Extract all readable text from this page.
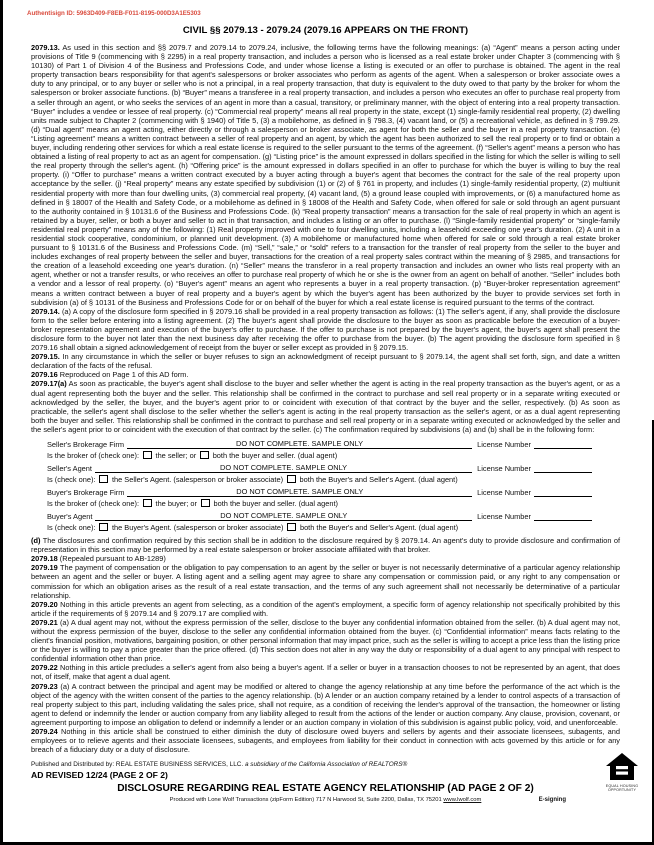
Authentisign ID: 5963D409-F8EB-F011-8195-000D3A1E5303
CIVIL §§ 2079.13 - 2079.24 (2079.16 APPEARS ON THE FRONT)

2079.13. As used in this section and §§ 2079.7 and 2079.14 to 2079.24, inclusive, the following terms have the following meanings: (a) “Agent” means a person acting under provisions of Title 9 (commencing with § 2295) in a real property transaction, and includes a person who is licensed as a real estate broker under Chapter 3 (commencing with § 10130) of Part 1 of Division 4 of the Business and Professions Code, and under whose license a listing is executed or an offer to purchase is obtained. The agent in the real property transaction bears responsibility for that agent's salespersons or broker associates who perform as agents of the agent. When a salesperson or broker associate owes a duty to any principal, or to any buyer or seller who is not a principal, in a real property transaction, that duty is equivalent to the duty owed to that party by the broker for whom the salesperson or broker associate functions. (b) “Buyer” means a transferee in a real property transaction, and includes a person who executes an offer to purchase real property from a seller through an agent, or who seeks the services of an agent in more than a casual, transitory, or preliminary manner, with the object of entering into a real property transaction. “Buyer” includes a vendee or lessee of real property. (c) “Commercial real property” means all real property in the state, except (1) single-family residential real property, (2) dwelling units made subject to Chapter 2 (commencing with § 1940) of Title 5, (3) a mobilehome, as defined in § 798.3, (4) vacant land, or (5) a recreational vehicle, as defined in § 799.29. (d) “Dual agent” means an agent acting, either directly or through a salesperson or broker associate, as agent for both the seller and the buyer in a real property transaction. (e) “Listing agreement” means a written contract between a seller of real property and an agent, by which the agent has been authorized to sell the real property or to find or obtain a buyer, including rendering other services for which a real estate license is required to the seller pursuant to the terms of the agreement. (f) “Seller's agent” means a person who has obtained a listing of real property to act as an agent for compensation. (g) “Listing price” is the amount expressed in dollars specified in the listing for which the seller is willing to sell the real property through the seller's agent. (h) “Offering price” is the amount expressed in dollars specified in an offer to purchase for which the buyer is willing to buy the real property. (i) “Offer to purchase” means a written contract executed by a buyer acting through a buyer's agent that becomes the contract for the sale of the real property upon acceptance by the seller. (j) “Real property” means any estate specified by subdivision (1) or (2) of § 761 in property, and includes (1) single-family residential property, (2) multiunit residential property with more than four dwelling units, (3) commercial real property, (4) vacant land, (5) a ground lease coupled with improvements, or (6) a manufactured home as defined in § 18007 of the Health and Safety Code, or a mobilehome as defined in § 18008 of the Health and Safety Code, when offered for sale or sold through an agent pursuant to the authority contained in § 10131.6 of the Business and Professions Code. (k) “Real property transaction” means a transaction for the sale of real property in which an agent is retained by a buyer, seller, or both a buyer and seller to act in that transaction, and includes a listing or an offer to purchase. (l) “Single-family residential property” or “single-family residential real property” means any of the following: (1) Real property improved with one to four dwelling units, including a leasehold exceeding one year's duration. (2) A unit in a residential stock cooperative, condominium, or planned unit development. (3) A mobilehome or manufactured home when offered for sale or sold through a real estate broker pursuant to § 10131.6 of the Business and Professions Code. (m) “Sell,” “sale,” or “sold” refers to a transaction for the transfer of real property from the seller to the buyer and includes exchanges of real property between the seller and buyer, transactions for the creation of a real property sales contract within the meaning of § 2985, and transactions for the creation of a leasehold exceeding one year's duration. (n) “Seller” means the transferor in a real property transaction and includes an owner who lists real property with an agent, whether or not a transfer results, or who receives an offer to purchase real property of which he or she is the owner from an agent on behalf of another. “Seller” includes both a vendor and a lessor of real property. (o) “Buyer's agent” means an agent who represents a buyer in a real property transaction. (p) “Buyer-broker representation agreement” means a written contract between a buyer of real property and a buyer's agent by which the buyer's agent has been authorized by the buyer to provide services set forth in subdivision (a) of § 10131 of the Business and Professions Code for or on behalf of the buyer for which a real estate license is required pursuant to the terms of the contract.

2079.14. (a) A copy of the disclosure form specified in § 2079.16 shall be provided in a real property transaction as follows: (1) The seller's agent, if any, shall provide the disclosure form to the seller before entering into a listing agreement. (2) The buyer's agent shall provide the disclosure to the buyer as soon as practicable before the execution of a buyer-broker representation agreement and execution of the buyer's offer to purchase. If the offer to purchase is not prepared by the buyer's agent, the buyer's agent shall present the disclosure form to the buyer not later than the next business day after receiving the offer to purchase from the buyer. (b) The agent providing the disclosure form specified in § 2079.16 shall obtain a signed acknowledgement of receipt from the buyer or seller except as provided in § 2079.15.

2079.15. In any circumstance in which the seller or buyer refuses to sign an acknowledgment of receipt pursuant to § 2079.14, the agent shall set forth, sign, and date a written declaration of the facts of the refusal.

2079.16 Reproduced on Page 1 of this AD form.

2079.17(a) As soon as practicable, the buyer's agent shall disclose to the buyer and seller whether the agent is acting in the real property transaction as the buyer's agent, or as a dual agent representing both the buyer and the seller. This relationship shall be confirmed in the contract to purchase and sell real property or in a separate writing executed or acknowledged by the seller, the buyer, and the buyer's agent prior to or coincident with execution of that contract by the buyer and the seller, respectively. (b) As soon as practicable, the seller's agent shall disclose to the seller whether the seller's agent is acting in the real property transaction as the seller's agent, or as a dual agent representing both the buyer and seller. This relationship shall be confirmed in the contract to purchase and sell real property or in a separate writing executed or acknowledged by the seller and the seller's agent prior to or coincident with the execution of that contract by the seller. (c) The confirmation required by subdivisions (a) and (b) shall be in the following form:

Seller's Brokerage Firm	DO NOT COMPLETE. SAMPLE ONLY	License Number
Is the broker of (check one): the seller; or both the buyer and seller. (dual agent)
Seller's Agent	DO NOT COMPLETE. SAMPLE ONLY	License Number
Is (check one): the Seller's Agent. (salesperson or broker associate) both the Buyer's and Seller's Agent. (dual agent)
Buyer's Brokerage Firm	DO NOT COMPLETE. SAMPLE ONLY	License Number
Is the broker of (check one): the buyer; or both the buyer and seller. (dual agent)
Buyer's Agent	DO NOT COMPLETE. SAMPLE ONLY	License Number
Is (check one): the Buyer's Agent. (salesperson or broker associate) both the Buyer's and Seller's Agent. (dual agent)

(d) The disclosures and confirmation required by this section shall be in addition to the disclosure required by § 2079.14. An agent's duty to provide disclosure and confirmation of representation in this section may be performed by a real estate salesperson or broker associate affiliated with that broker.

2079.18 (Repealed pursuant to AB-1289)

2079.19 The payment of compensation or the obligation to pay compensation to an agent by the seller or buyer is not necessarily determinative of a particular agency relationship between an agent and the seller or buyer. A listing agent and a selling agent may agree to share any compensation or commission paid, or any right to any compensation or commission for which an obligation arises as the result of a real estate transaction, and the terms of any such agreement shall not necessarily be determinative of a particular relationship.

2079.20 Nothing in this article prevents an agent from selecting, as a condition of the agent's employment, a specific form of agency relationship not specifically prohibited by this article if the requirements of § 2079.14 and § 2079.17 are complied with.

2079.21 (a) A dual agent may not, without the express permission of the seller, disclose to the buyer any confidential information obtained from the seller. (b) A dual agent may not, without the express permission of the buyer, disclose to the seller any confidential information obtained from the buyer. (c) “Confidential information” means facts relating to the client's financial position, motivations, bargaining position, or other personal information that may impact price, such as the seller is willing to accept a price less than the listing price or the buyer is willing to pay a price greater than the price offered. (d) This section does not alter in any way the duty or responsibility of a dual agent to any principal with respect to confidential information other than price.

2079.22 Nothing in this article precludes a seller's agent from also being a buyer's agent. If a seller or buyer in a transaction chooses to not be represented by an agent, that does not, of itself, make that agent a dual agent.

2079.23 (a) A contract between the principal and agent may be modified or altered to change the agency relationship at any time before the performance of the act which is the object of the agency with the written consent of the parties to the agency relationship. (b) A lender or an auction company retained by a lender to control aspects of a transaction of real property subject to this part, including validating the sales price, shall not require, as a condition of receiving the lender's approval of the transaction, the homeowner or listing agent to defend or indemnify the lender or auction company from any liability alleged to result from the actions of the lender or auction company. Any clause, provision, covenant, or agreement purporting to impose an obligation to defend or indemnify a lender or an auction company in violation of this subdivision is against public policy, void, and unenforceable.

2079.24 Nothing in this article shall be construed to either diminish the duty of disclosure owed buyers and sellers by agents and their associate licensees, subagents, and employees or to relieve agents and their associate licensees, subagents, and employees from liability for their conduct in connection with acts governed by this article or for any breach of a fiduciary duty or a duty of disclosure.

Published and Distributed by: REAL ESTATE BUSINESS SERVICES, LLC. a subsidiary of the California Association of REALTORS®
AD REVISED 12/24 (PAGE 2 OF 2)
DISCLOSURE REGARDING REAL ESTATE AGENCY RELATIONSHIP (AD PAGE 2 OF 2)
Produced with Lone Wolf Transactions (zipForm Edition) 717 N Harwood St, Suite 2200, Dallas, TX 75201 www.lwolf.com	E-signing
EQUAL HOUSING OPPORTUNITY
